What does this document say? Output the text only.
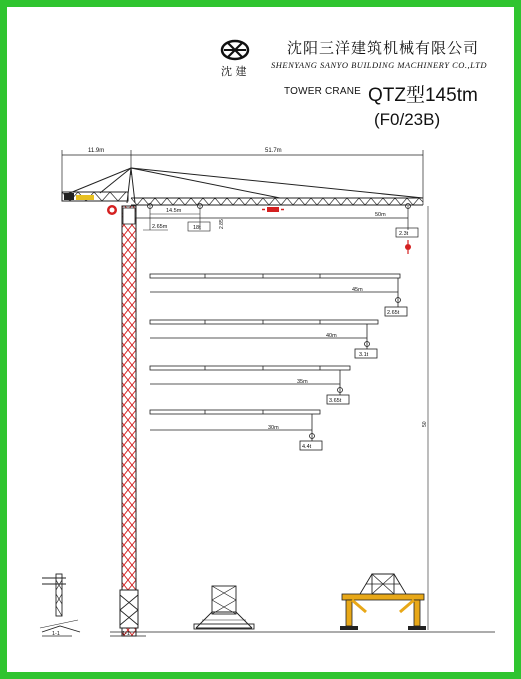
沈 建
沈阳三洋建筑机械有限公司
SHENYANG SANYO BUILDING MACHINERY CO.,LTD
TOWER CRANE QTZ型145tm
(F0/23B)
11.9m	51.7m
14.5m
2.65m	18t	2.85
50m
2.3t
1-1
45m
2.65t
40m
3.1t
35m
3.65t
30m
4.4t
50
1-1
